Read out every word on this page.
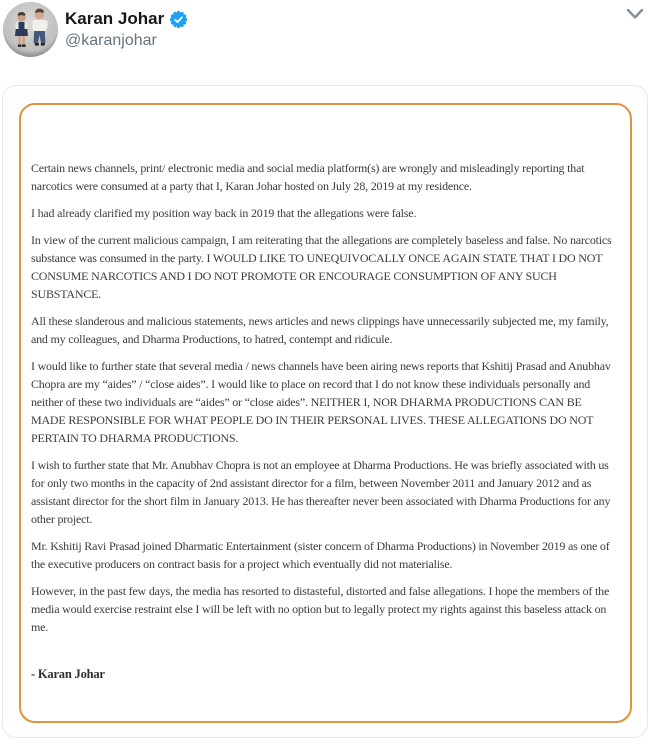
Karan Johar
@karanjohar

Certain news channels, print/ electronic media and social media platform(s) are wrongly and misleadingly reporting that narcotics were consumed at a party that I, Karan Johar hosted on July 28, 2019 at my residence.

I had already clarified my position way back in 2019 that the allegations were false.

In view of the current malicious campaign, I am reiterating that the allegations are completely baseless and false. No narcotics substance was consumed in the party. I WOULD LIKE TO UNEQUIVOCALLY ONCE AGAIN STATE THAT I DO NOT CONSUME NARCOTICS AND I DO NOT PROMOTE OR ENCOURAGE CONSUMPTION OF ANY SUCH SUBSTANCE.

All these slanderous and malicious statements, news articles and news clippings have unnecessarily subjected me, my family, and my colleagues, and Dharma Productions, to hatred, contempt and ridicule.

I would like to further state that several media / news channels have been airing news reports that Kshitij Prasad and Anubhav Chopra are my “aides” / “close aides”. I would like to place on record that I do not know these individuals personally and neither of these two individuals are “aides” or “close aides”. NEITHER I, NOR DHARMA PRODUCTIONS CAN BE MADE RESPONSIBLE FOR WHAT PEOPLE DO IN THEIR PERSONAL LIVES. THESE ALLEGATIONS DO NOT PERTAIN TO DHARMA PRODUCTIONS.

I wish to further state that Mr. Anubhav Chopra is not an employee at Dharma Productions. He was briefly associated with us for only two months in the capacity of 2nd assistant director for a film, between November 2011 and January 2012 and as assistant director for the short film in January 2013. He has thereafter never been associated with Dharma Productions for any other project.

Mr. Kshitij Ravi Prasad joined Dharmatic Entertainment (sister concern of Dharma Productions) in November 2019 as one of the executive producers on contract basis for a project which eventually did not materialise.

However, in the past few days, the media has resorted to distasteful, distorted and false allegations. I hope the members of the media would exercise restraint else I will be left with no option but to legally protect my rights against this baseless attack on me.

- Karan Johar
